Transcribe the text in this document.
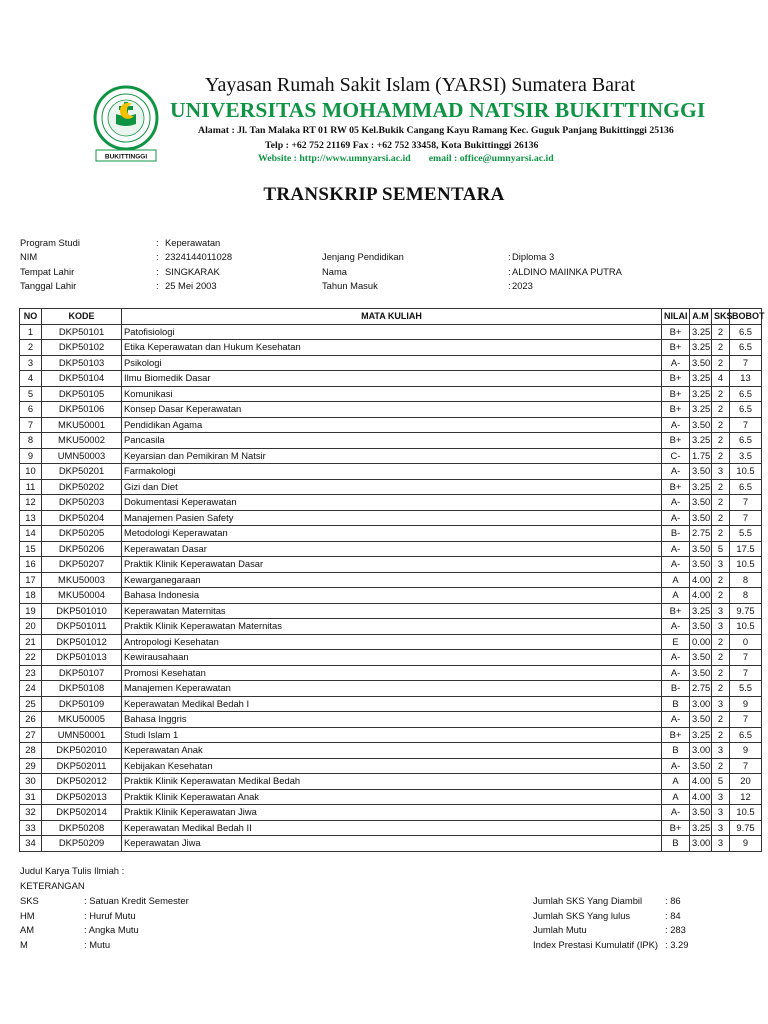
BUKITTINGGI
Yayasan Rumah Sakit Islam (YARSI) Sumatera Barat
UNIVERSITAS MOHAMMAD NATSIR BUKITTINGGI
Alamat : Jl. Tan Malaka RT 01 RW 05 Kel.Bukik Cangang Kayu Ramang Kec. Guguk Panjang Bukittinggi 25136
Telp : +62 752 21169 Fax : +62 752 33458, Kota Bukittinggi 26136
Website : http://www.umnyarsi.ac.id email : office@umnyarsi.ac.id
TRANSKRIP SEMENTARA
Program Studi	: Keperawatan
NIM	: 2324144011028
Tempat Lahir	: SINGKARAK
Tanggal Lahir	: 25 Mei 2003
Jenjang Pendidikan	: Diploma 3
Nama	: ALDINO MAIINKA PUTRA
Tahun Masuk	: 2023
NO	KODE	MATA KULIAH	NILAI	A.M	SKS	BOBOT
1	DKP50101	Patofisiologi	B+	3.25	2	6.5
2	DKP50102	Etika Keperawatan dan Hukum Kesehatan	B+	3.25	2	6.5
3	DKP50103	Psikologi	A-	3.50	2	7
4	DKP50104	Ilmu Biomedik Dasar	B+	3.25	4	13
5	DKP50105	Komunikasi	B+	3.25	2	6.5
6	DKP50106	Konsep Dasar Keperawatan	B+	3.25	2	6.5
7	MKU50001	Pendidikan Agama	A-	3.50	2	7
8	MKU50002	Pancasila	B+	3.25	2	6.5
9	UMN50003	Keyarsian dan Pemikiran M Natsir	C-	1.75	2	3.5
10	DKP50201	Farmakologi	A-	3.50	3	10.5
11	DKP50202	Gizi dan Diet	B+	3.25	2	6.5
12	DKP50203	Dokumentasi Keperawatan	A-	3.50	2	7
13	DKP50204	Manajemen Pasien Safety	A-	3.50	2	7
14	DKP50205	Metodologi Keperawatan	B-	2.75	2	5.5
15	DKP50206	Keperawatan Dasar	A-	3.50	5	17.5
16	DKP50207	Praktik Klinik Keperawatan Dasar	A-	3.50	3	10.5
17	MKU50003	Kewarganegaraan	A	4.00	2	8
18	MKU50004	Bahasa Indonesia	A	4.00	2	8
19	DKP501010	Keperawatan Maternitas	B+	3.25	3	9.75
20	DKP501011	Praktik Klinik Keperawatan Maternitas	A-	3.50	3	10.5
21	DKP501012	Antropologi Kesehatan	E	0.00	2	0
22	DKP501013	Kewirausahaan	A-	3.50	2	7
23	DKP50107	Promosi Kesehatan	A-	3.50	2	7
24	DKP50108	Manajemen Keperawatan	B-	2.75	2	5.5
25	DKP50109	Keperawatan Medikal Bedah I	B	3.00	3	9
26	MKU50005	Bahasa Inggris	A-	3.50	2	7
27	UMN50001	Studi Islam 1	B+	3.25	2	6.5
28	DKP502010	Keperawatan Anak	B	3.00	3	9
29	DKP502011	Kebijakan Kesehatan	A-	3.50	2	7
30	DKP502012	Praktik Klinik Keperawatan Medikal Bedah	A	4.00	5	20
31	DKP502013	Praktik Klinik Keperawatan Anak	A	4.00	3	12
32	DKP502014	Praktik Klinik Keperawatan Jiwa	A-	3.50	3	10.5
33	DKP50208	Keperawatan Medikal Bedah II	B+	3.25	3	9.75
34	DKP50209	Keperawatan Jiwa	B	3.00	3	9
Judul Karya Tulis Ilmiah :
KETERANGAN
SKS	: Satuan Kredit Semester
HM	: Huruf Mutu
AM	: Angka Mutu
M	: Mutu
Jumlah SKS Yang Diambil : 86
Jumlah SKS Yang lulus	: 84
Jumlah Mutu	: 283
Index Prestasi Kumulatif (IPK) : 3.29
